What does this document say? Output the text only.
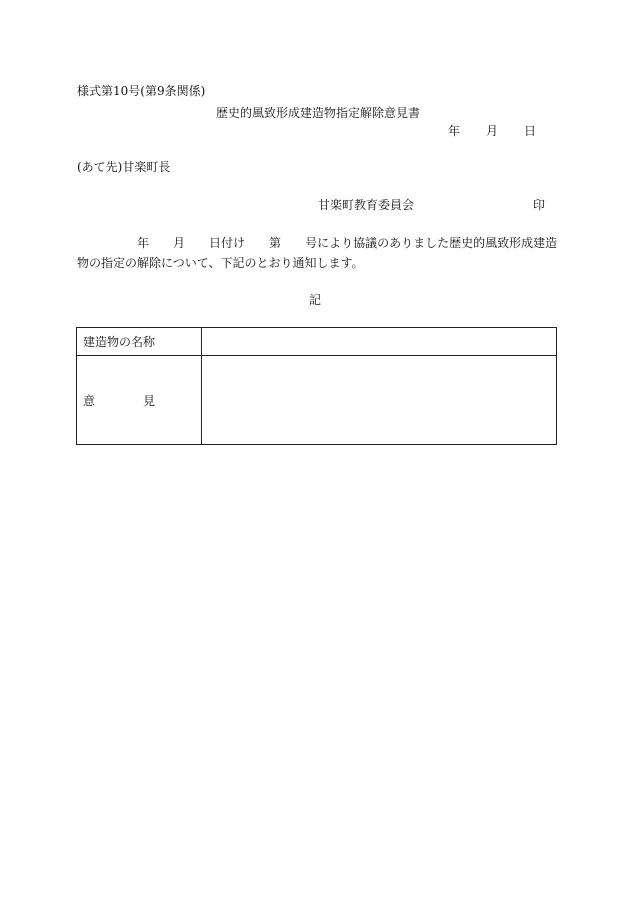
様式第10号(第9条関係)
歴史的風致形成建造物指定解除意見書
年 月 日
(あて先)甘楽町長
甘楽町教育委員会	印
年 月 日付け 第 号により協議のありました歴史的風致形成建造
物の指定の解除について、下記のとおり通知します。
記
建造物の名称	
意 見	
